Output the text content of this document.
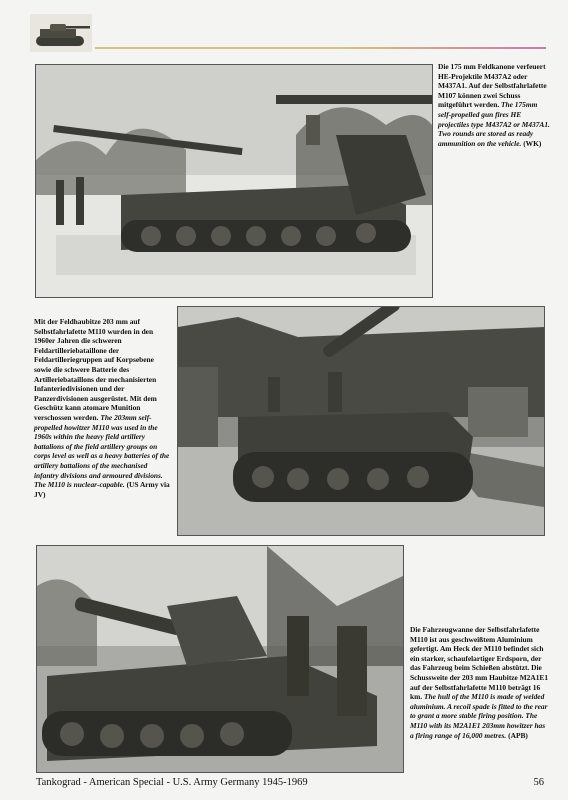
Die 175 mm Feldkanone verfeuert HE-Projektile M437A2 oder M437A1. Auf der Selbstfahrlafette M107 können zwei Schuss mitgeführt werden. The 175mm self-propelled gun fires HE projectiles type M437A2 or M437A1. Two rounds are stored as ready ammunition on the vehicle. (WK)
Mit der Feldhaubitze 203 mm auf Selbstfahrlafette M110 wurden in den 1960er Jahren die schweren Feldartilleriebataillone der Feldartilleriegruppen auf Korpsebene sowie die schwere Batterie des Artilleriebataillons der mechanisierten Infanteriedivisionen und der Panzerdivisionen ausgerüstet. Mit dem Geschütz kann atomare Munition verschossen werden. The 203mm self-propelled howitzer M110 was used in the 1960s within the heavy field artillery battalions of the field artillery groups on corps level as well as a heavy batteries of the artillery battalions of the mechanised infantry divisions and armoured divisions. The M110 is nuclear-capable. (US Army via JV)
Die Fahrzeugwanne der Selbstfahrlafette M110 ist aus geschweißtem Aluminium gefertigt. Am Heck der M110 befindet sich ein starker, schaufelartiger Erdsporn, der das Fahrzeug beim Schießen abstützt. Die Schussweite der 203 mm Haubitze M2A1E1 auf der Selbstfahrlafette M110 beträgt 16 km. The hull of the M110 is made of welded aluminium. A recoil spade is fitted to the rear to grant a more stable firing position. The M110 with its M2A1E1 203mm howitzer has a firing range of 16,000 metres. (APB)
Tankograd - American Special - U.S. Army Germany 1945-1969	56
